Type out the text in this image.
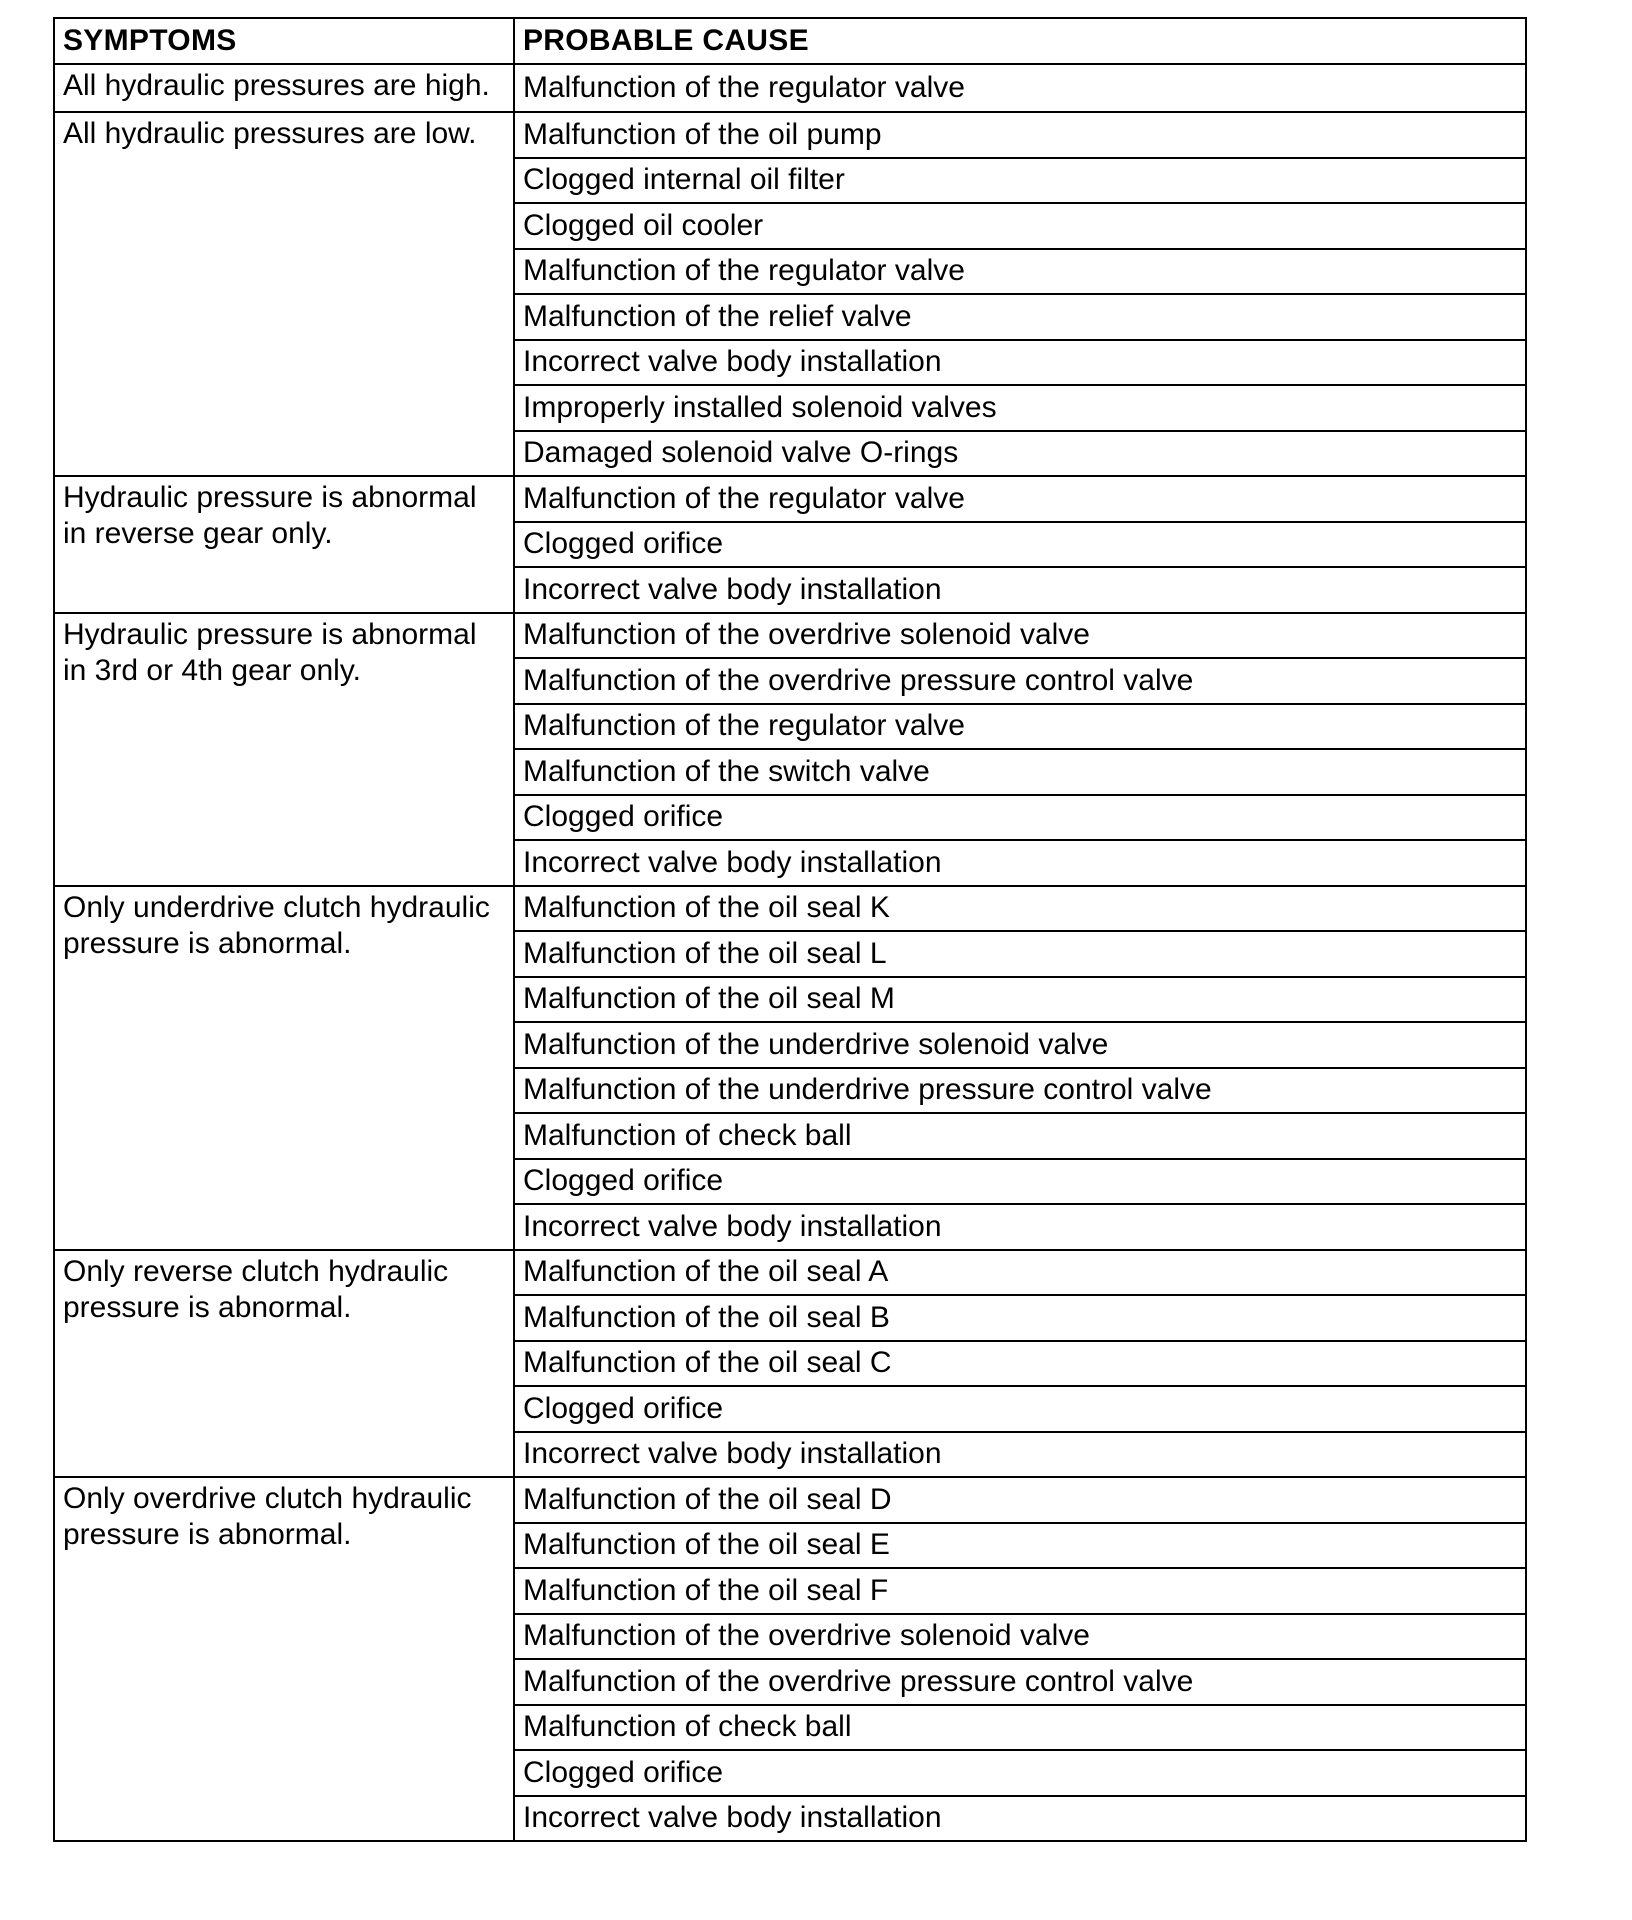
SYMPTOMS	PROBABLE CAUSE
All hydraulic pressures are high.	Malfunction of the regulator valve
All hydraulic pressures are low.	Malfunction of the oil pump
	Clogged internal oil filter
	Clogged oil cooler
	Malfunction of the regulator valve
	Malfunction of the relief valve
	Incorrect valve body installation
	Improperly installed solenoid valves
	Damaged solenoid valve O-rings
Hydraulic pressure is abnormal in reverse gear only.	Malfunction of the regulator valve
	Clogged orifice
	Incorrect valve body installation
Hydraulic pressure is abnormal in 3rd or 4th gear only.	Malfunction of the overdrive solenoid valve
	Malfunction of the overdrive pressure control valve
	Malfunction of the regulator valve
	Malfunction of the switch valve
	Clogged orifice
	Incorrect valve body installation
Only underdrive clutch hydraulic pressure is abnormal.	Malfunction of the oil seal K
	Malfunction of the oil seal L
	Malfunction of the oil seal M
	Malfunction of the underdrive solenoid valve
	Malfunction of the underdrive pressure control valve
	Malfunction of check ball
	Clogged orifice
	Incorrect valve body installation
Only reverse clutch hydraulic pressure is abnormal.	Malfunction of the oil seal A
	Malfunction of the oil seal B
	Malfunction of the oil seal C
	Clogged orifice
	Incorrect valve body installation
Only overdrive clutch hydraulic pressure is abnormal.	Malfunction of the oil seal D
	Malfunction of the oil seal E
	Malfunction of the oil seal F
	Malfunction of the overdrive solenoid valve
	Malfunction of the overdrive pressure control valve
	Malfunction of check ball
	Clogged orifice
	Incorrect valve body installation
